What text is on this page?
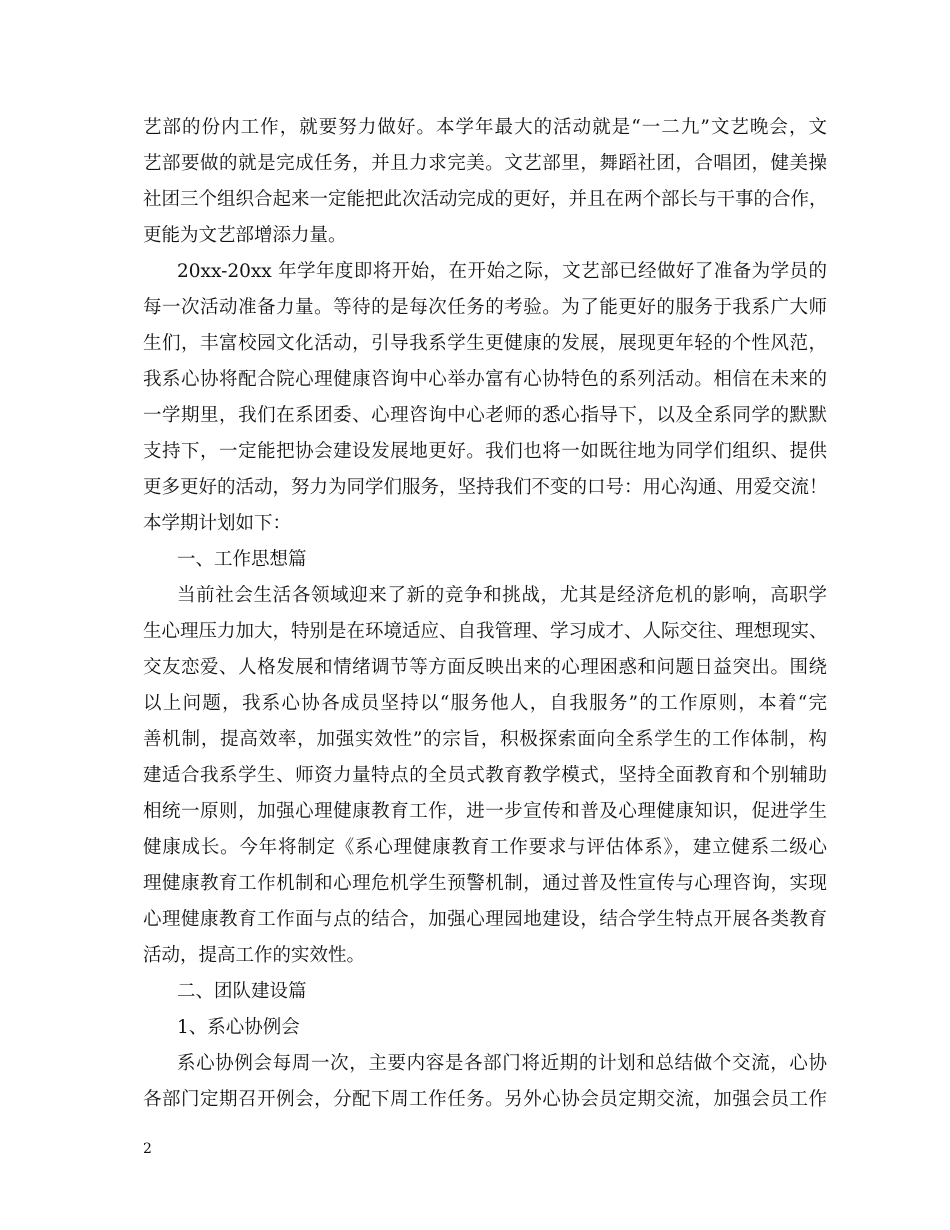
艺部的份内工作，就要努力做好。本学年最大的活动就是“一二九”文艺晚会，文
艺部要做的就是完成任务，并且力求完美。文艺部里，舞蹈社团，合唱团，健美操
社团三个组织合起来一定能把此次活动完成的更好，并且在两个部长与干事的合作，
更能为文艺部增添力量。
20xx-20xx 年学年度即将开始，在开始之际，文艺部已经做好了准备为学员的
每一次活动准备力量。等待的是每次任务的考验。为了能更好的服务于我系广大师
生们，丰富校园文化活动，引导我系学生更健康的发展，展现更年轻的个性风范，
我系心协将配合院心理健康咨询中心举办富有心协特色的系列活动。相信在未来的
一学期里，我们在系团委、心理咨询中心老师的悉心指导下，以及全系同学的默默
支持下，一定能把协会建设发展地更好。我们也将一如既往地为同学们组织、提供
更多更好的活动，努力为同学们服务，坚持我们不变的口号：用心沟通、用爱交流！
本学期计划如下：
一、工作思想篇
当前社会生活各领域迎来了新的竞争和挑战，尤其是经济危机的影响，高职学
生心理压力加大，特别是在环境适应、自我管理、学习成才、人际交往、理想现实、
交友恋爱、人格发展和情绪调节等方面反映出来的心理困惑和问题日益突出。围绕
以上问题，我系心协各成员坚持以“服务他人，自我服务”的工作原则，本着“完
善机制，提高效率，加强实效性”的宗旨，积极探索面向全系学生的工作体制，构
建适合我系学生、师资力量特点的全员式教育教学模式，坚持全面教育和个别辅助
相统一原则，加强心理健康教育工作，进一步宣传和普及心理健康知识，促进学生
健康成长。今年将制定《系心理健康教育工作要求与评估体系》，建立健系二级心
理健康教育工作机制和心理危机学生预警机制，通过普及性宣传与心理咨询，实现
心理健康教育工作面与点的结合，加强心理园地建设，结合学生特点开展各类教育
活动，提高工作的实效性。
二、团队建设篇
1、系心协例会
系心协例会每周一次，主要内容是各部门将近期的计划和总结做个交流，心协
各部门定期召开例会，分配下周工作任务。另外心协会员定期交流，加强会员工作
2
